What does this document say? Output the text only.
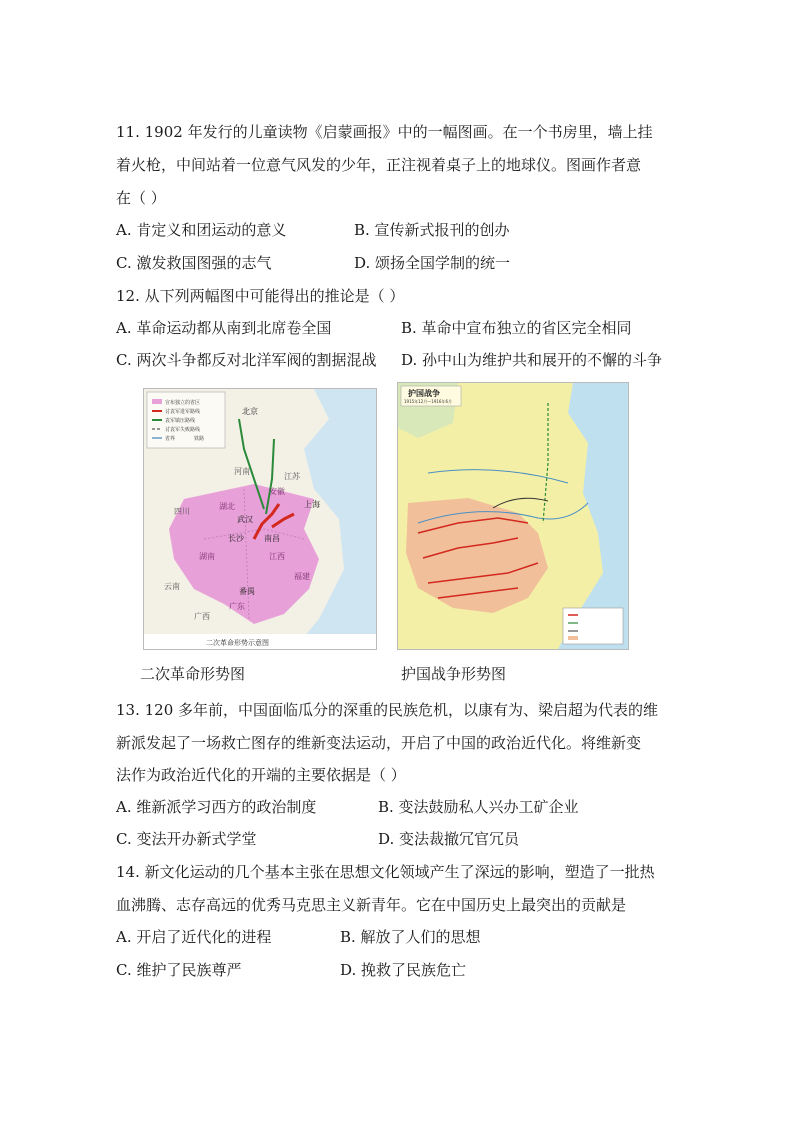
11. 1902 年发行的儿童读物《启蒙画报》中的一幅图画。在一个书房里，墙上挂
着火枪，中间站着一位意气风发的少年，正注视着桌子上的地球仪。图画作者意
在（ ）
A. 肯定义和团运动的意义	B. 宣传新式报刊的创办
C. 激发救国图强的志气	D. 颂扬全国学制的统一
12. 从下列两幅图中可能得出的推论是（ ）
A. 革命运动都从南到北席卷全国	B. 革命中宣布独立的省区完全相同
C. 两次斗争都反对北洋军阀的割据混战 D. 孙中山为维护共和展开的不懈的斗争
北京
武汉
长沙	南昌
上海
番禺
湖南	江西
福建
广东
四川
云南
湖北
河南
江苏
安徽
广西
宣布独立的省区
讨袁军进军路线
袁军镇压路线
讨袁军失败路线
省界	铁路
二次革命形势示意图
护国战争
1915年12月—1916年6月
二次革命形势图	护国战争形势图
13. 120 多年前，中国面临瓜分的深重的民族危机，以康有为、梁启超为代表的维
新派发起了一场救亡图存的维新变法运动，开启了中国的政治近代化。将维新变
法作为政治近代化的开端的主要依据是（ ）
A. 维新派学习西方的政治制度	B. 变法鼓励私人兴办工矿企业
C. 变法开办新式学堂	D. 变法裁撤冗官冗员
14. 新文化运动的几个基本主张在思想文化领域产生了深远的影响，塑造了一批热
血沸腾、志存高远的优秀马克思主义新青年。它在中国历史上最突出的贡献是
A. 开启了近代化的进程	B. 解放了人们的思想
C. 维护了民族尊严	D. 挽救了民族危亡
